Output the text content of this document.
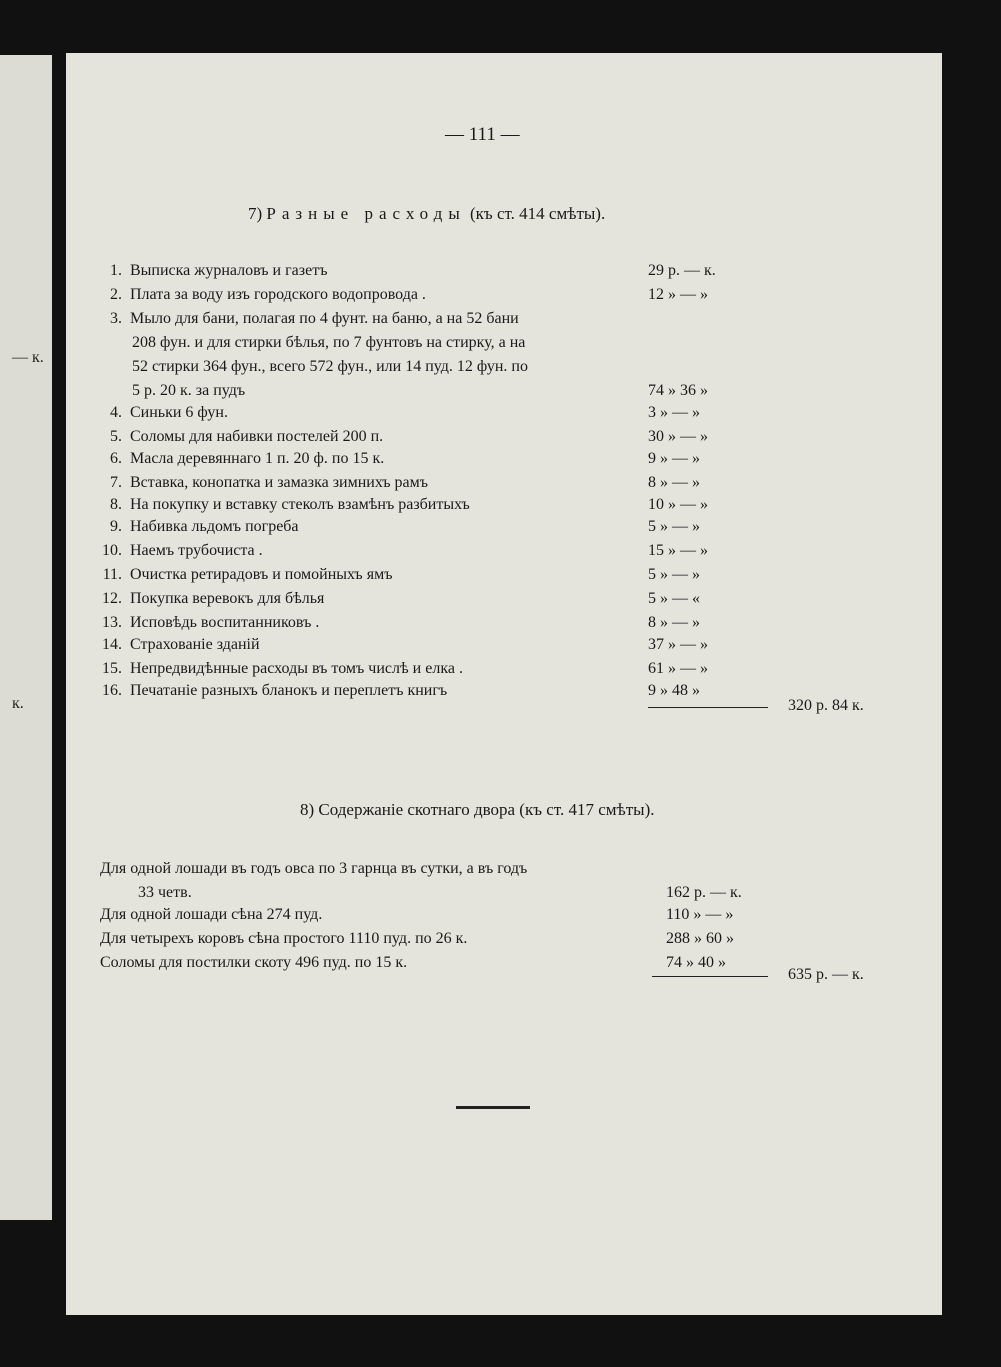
— к.
к.
— 111 —
7) Разные расходы (къ ст. 414 смѣты).
1. Выписка журналовъ и газетъ	29 р. — к.
2. Плата за воду изъ городского водопровода .	12 » — »
3. Мыло для бани, полагая по 4 фунт. на баню, а на 52 бани
208 фун. и для стирки бѣлья, по 7 фунтовъ на стирку, а на
52 стирки 364 фун., всего 572 фун., или 14 пуд. 12 фун. по
5 р. 20 к. за пудъ	74 » 36 »
4. Синьки 6 фун.	3 » — »
5. Соломы для набивки постелей 200 п.	30 » — »
6. Масла деревяннаго 1 п. 20 ф. по 15 к.	9 » — »
7. Вставка, конопатка и замазка зимнихъ рамъ	8 » — »
8. На покупку и вставку стеколъ взамѣнъ разбитыхъ	10 » — »
9. Набивка льдомъ погреба	5 » — »
10. Наемъ трубочиста .	15 » — »
11. Очистка ретирадовъ и помойныхъ ямъ	5 » — »
12. Покупка веревокъ для бѣлья	5 » — «
13. Исповѣдь воспитанниковъ .	8 » — »
14. Страхованіе зданій	37 » — »
15. Непредвидѣнные расходы въ томъ числѣ и елка .	61 » — »
16. Печатаніе разныхъ бланокъ и переплетъ книгъ	9 » 48 »
320 р. 84 к.
8) Содержаніе скотнаго двора (къ ст. 417 смѣты).
Для одной лошади въ годъ овса по 3 гарнца въ сутки, а въ годъ
33 четв.	162 р. — к.
Для одной лошади сѣна 274 пуд.	110 » — »
Для четырехъ коровъ сѣна простого 1110 пуд. по 26 к.	288 » 60 »
Соломы для постилки скоту 496 пуд. по 15 к.	74 » 40 »
635 р. — к.
